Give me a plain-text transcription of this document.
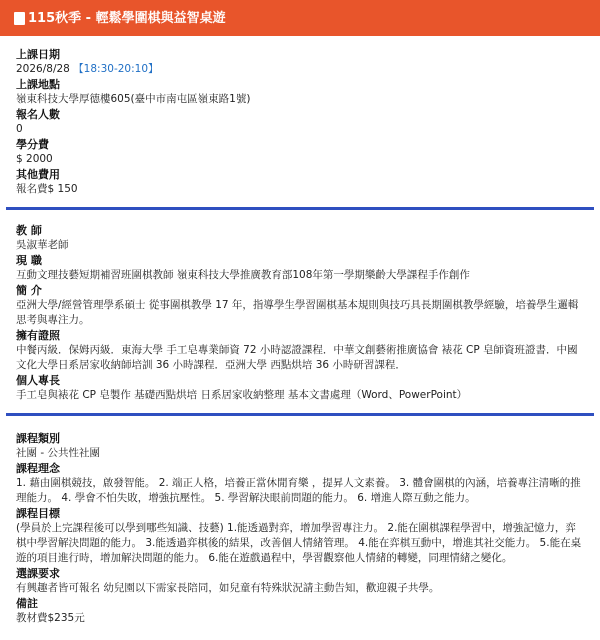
115秋季 - 輕鬆學圍棋與益智桌遊
上課日期
2026/8/28 【18:30-20:10】
上課地點
嶺東科技大學厚德樓605(臺中市南屯區嶺東路1號)
報名人數
0
學分費
$ 2000
其他費用
報名費$ 150
教 師
吳淑華老師
現 職
互動文理技藝短期補習班圍棋教師 嶺東科技大學推廣教育部108年第一學期樂齡大學課程手作創作
簡 介
亞洲大學/經營管理學系碩士 從事圍棋教學 17 年，指導學生學習圍棋基本規則與技巧具長期圍棋教學經驗，培養學生邏輯思考與專注力。
擁有證照
中餐丙級．保姆丙級．東海大學 手工皂專業師資 72 小時認證課程．中華文創藝術推廣協會 裱花 CP 皂師資班證書．中國文化大學日系居家收納師培訓 36 小時課程．亞洲大學 西點烘培 36 小時研習課程．
個人專長
手工皂與裱花 CP 皂製作 基礎西點烘培 日系居家收納整理 基本文書處理（Word、PowerPoint）
課程類別
社團 - 公共性社團
課程理念
1. 藉由圍棋競技，啟發智能。 2. 端正人格，培養正當休閒育樂 ，提昇人文素養。 3. 體會圍棋的內涵，培養專注清晰的推理能力。 4. 學會不怕失敗，增強抗壓性。 5. 學習解決眼前問題的能力。 6. 增進人際互動之能力。
課程目標
(學員於上完課程後可以學到哪些知識、技藝) 1.能透過對弈，增加學習專注力。 2.能在圍棋課程學習中，增強記憶力，弈棋中學習解決問題的能力。 3.能透過弈棋後的結果，改善個人情緒管理。 4.能在弈棋互動中，增進其社交能力。 5.能在桌遊的項目進行時，增加解決問題的能力。 6.能在遊戲過程中，學習觀察他人情緒的轉變，同理情緒之變化。
選課要求
有興趣者皆可報名 幼兒園以下需家長陪同，如兒童有特殊狀況請主動告知，歡迎親子共學。
備註
教材費$235元
